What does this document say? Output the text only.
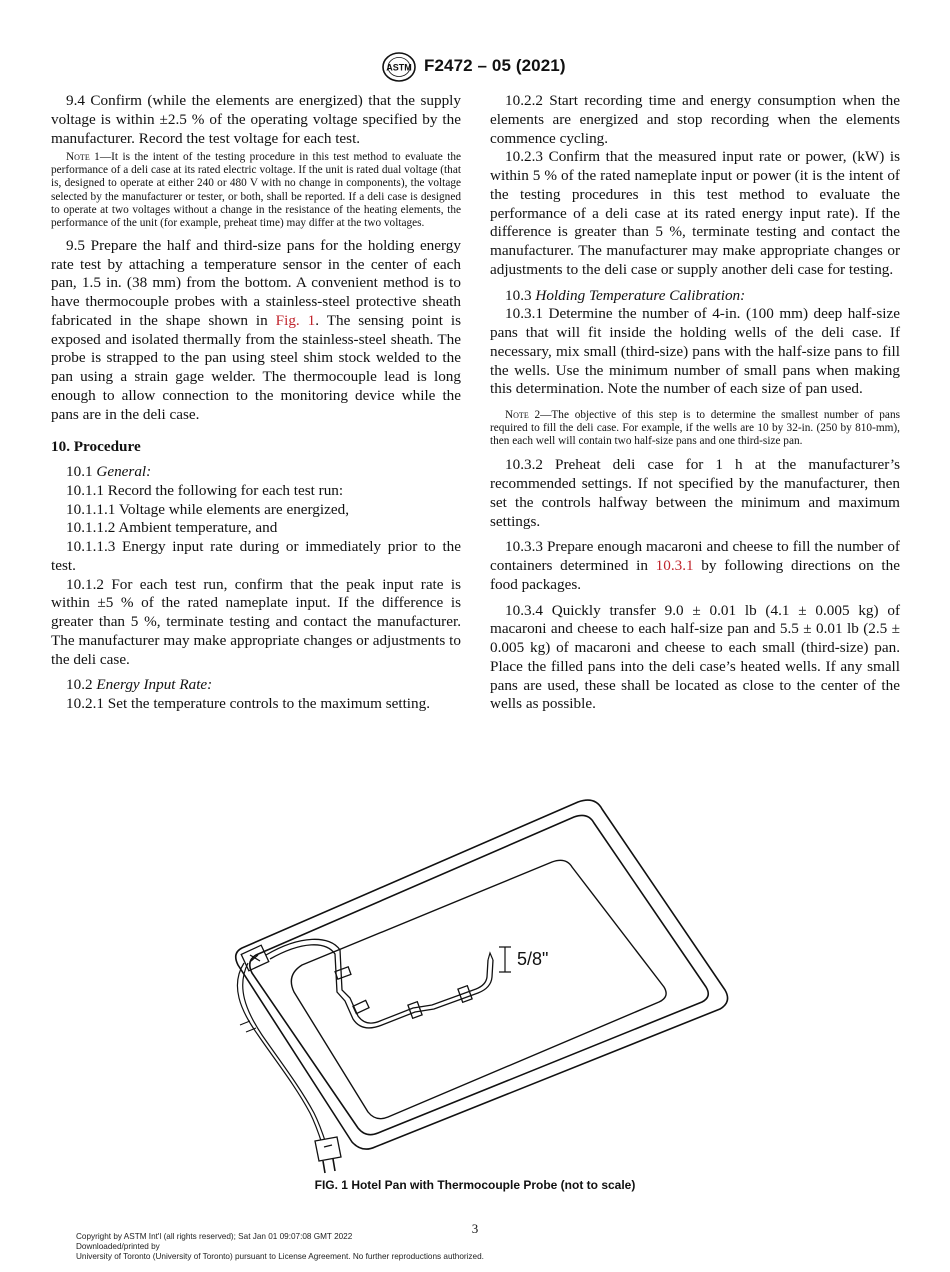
ASTM F2472 – 05 (2021)

9.4 Confirm (while the elements are energized) that the supply voltage is within ±2.5 % of the operating voltage specified by the manufacturer. Record the test voltage for each test.

Note 1—It is the intent of the testing procedure in this test method to evaluate the performance of a deli case at its rated electric voltage. If the unit is rated dual voltage (that is, designed to operate at either 240 or 480 V with no change in components), the voltage selected by the manufacturer or tester, or both, shall be reported. If a deli case is designed to operate at two voltages without a change in the resistance of the heating elements, the performance of the unit (for example, preheat time) may differ at the two voltages.

9.5 Prepare the half and third-size pans for the holding energy rate test by attaching a temperature sensor in the center of each pan, 1.5 in. (38 mm) from the bottom. A convenient method is to have thermocouple probes with a stainless-steel protective sheath fabricated in the shape shown in Fig. 1. The sensing point is exposed and isolated thermally from the stainless-steel sheath. The probe is strapped to the pan using steel shim stock welded to the pan using a strain gage welder. The thermocouple lead is long enough to allow connection to the monitoring device while the pans are in the deli case.

10. Procedure

10.1 General:

10.1.1 Record the following for each test run:

10.1.1.1 Voltage while elements are energized,

10.1.1.2 Ambient temperature, and

10.1.1.3 Energy input rate during or immediately prior to the test.

10.1.2 For each test run, confirm that the peak input rate is within ±5 % of the rated nameplate input. If the difference is greater than 5 %, terminate testing and contact the manufacturer. The manufacturer may make appropriate changes or adjustments to the deli case.

10.2 Energy Input Rate:

10.2.1 Set the temperature controls to the maximum setting.

10.2.2 Start recording time and energy consumption when the elements are energized and stop recording when the elements commence cycling.

10.2.3 Confirm that the measured input rate or power, (kW) is within 5 % of the rated nameplate input or power (it is the intent of the testing procedures in this test method to evaluate the performance of a deli case at its rated energy input rate). If the difference is greater than 5 %, terminate testing and contact the manufacturer. The manufacturer may make appropriate changes or adjustments to the deli case or supply another deli case for testing.

10.3 Holding Temperature Calibration:

10.3.1 Determine the number of 4-in. (100 mm) deep half-size pans that will fit inside the holding wells of the deli case. If necessary, mix small (third-size) pans with the half-size pans to fill the wells. Use the minimum number of small pans when making this determination. Note the number of each size of pan used.

Note 2—The objective of this step is to determine the smallest number of pans required to fill the deli case. For example, if the wells are 10 by 32-in. (250 by 810-mm), then each well will contain two half-size pans and one third-size pan.

10.3.2 Preheat deli case for 1 h at the manufacturer’s recommended settings. If not specified by the manufacturer, then set the controls halfway between the minimum and maximum settings.

10.3.3 Prepare enough macaroni and cheese to fill the number of containers determined in 10.3.1 by following directions on the food packages.

10.3.4 Quickly transfer 9.0 ± 0.01 lb (4.1 ± 0.005 kg) of macaroni and cheese to each half-size pan and 5.5 ± 0.01 lb (2.5 ± 0.005 kg) of macaroni and cheese to each small (third-size) pan. Place the filled pans into the deli case’s heated wells. If any small pans are used, these shall be located as close to the center of the wells as possible.

5/8"
FIG. 1 Hotel Pan with Thermocouple Probe (not to scale)
3
Copyright by ASTM Int'l (all rights reserved); Sat Jan 01 09:07:08 GMT 2022
Downloaded/printed by
University of Toronto (University of Toronto) pursuant to License Agreement. No further reproductions authorized.
